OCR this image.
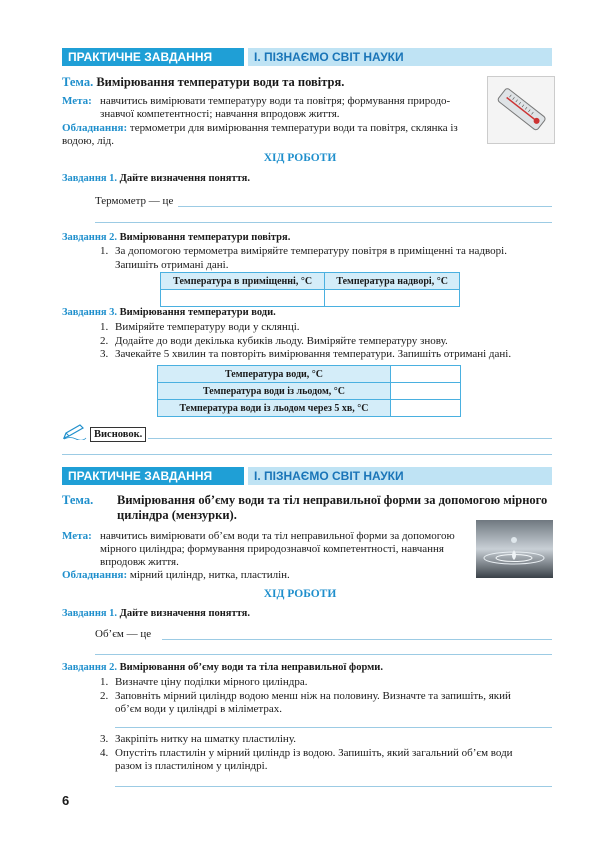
ПРАКТИЧНЕ ЗАВДАННЯ	І. ПІЗНАЄМО СВІТ НАУКИ
Тема. Вимірювання температури води та повітря.
Мета: навчитись вимірювати температуру води та повітря; формування природо-
знавчої компетентності; навчання впродовж життя.
Обладнання: термометри для вимірювання температури води та повітря, склянка із
водою, лід.
ХІД РОБОТИ
Завдання 1. Дайте визначення поняття.
Термометр — це
Завдання 2. Вимірювання температури повітря.
1. За допомогою термометра виміряйте температуру повітря в приміщенні та надворі.
Запишіть отримані дані.
Температура в приміщенні, °С	Температура надворі, °С

Завдання 3. Вимірювання температури води.
1. Виміряйте температуру води у склянці.
2. Додайте до води декілька кубиків льоду. Виміряйте температуру знову.
3. Зачекайте 5 хвилин та повторіть вимірювання температури. Запишіть отримані дані.
Температура води, °С	
Температура води із льодом, °С	
Температура води із льодом через 5 хв, °С	
Висновок.
ПРАКТИЧНЕ ЗАВДАННЯ	І. ПІЗНАЄМО СВІТ НАУКИ
Тема.	Вимірювання об’єму води та тіл неправильної форми за допомогою мірного
циліндра (мензурки).
Мета: навчитись вимірювати об’єм води та тіл неправильної форми за допомогою
мірного циліндра; формування природознавчої компетентності, навчання
впродовж життя.
Обладнання: мірний циліндр, нитка, пластилін.
ХІД РОБОТИ
Завдання 1. Дайте визначення поняття.
Об’єм — це
Завдання 2. Вимірювання об’єму води та тіла неправильної форми.
1. Визначте ціну поділки мірного циліндра.
2. Заповніть мірний циліндр водою менш ніж на половину. Визначте та запишіть, який
об’єм води у циліндрі в міліметрах.
3. Закріпіть нитку на шматку пластиліну.
4. Опустіть пластилін у мірний циліндр із водою. Запишіть, який загальний об’єм води
разом із пластиліном у циліндрі.
6
